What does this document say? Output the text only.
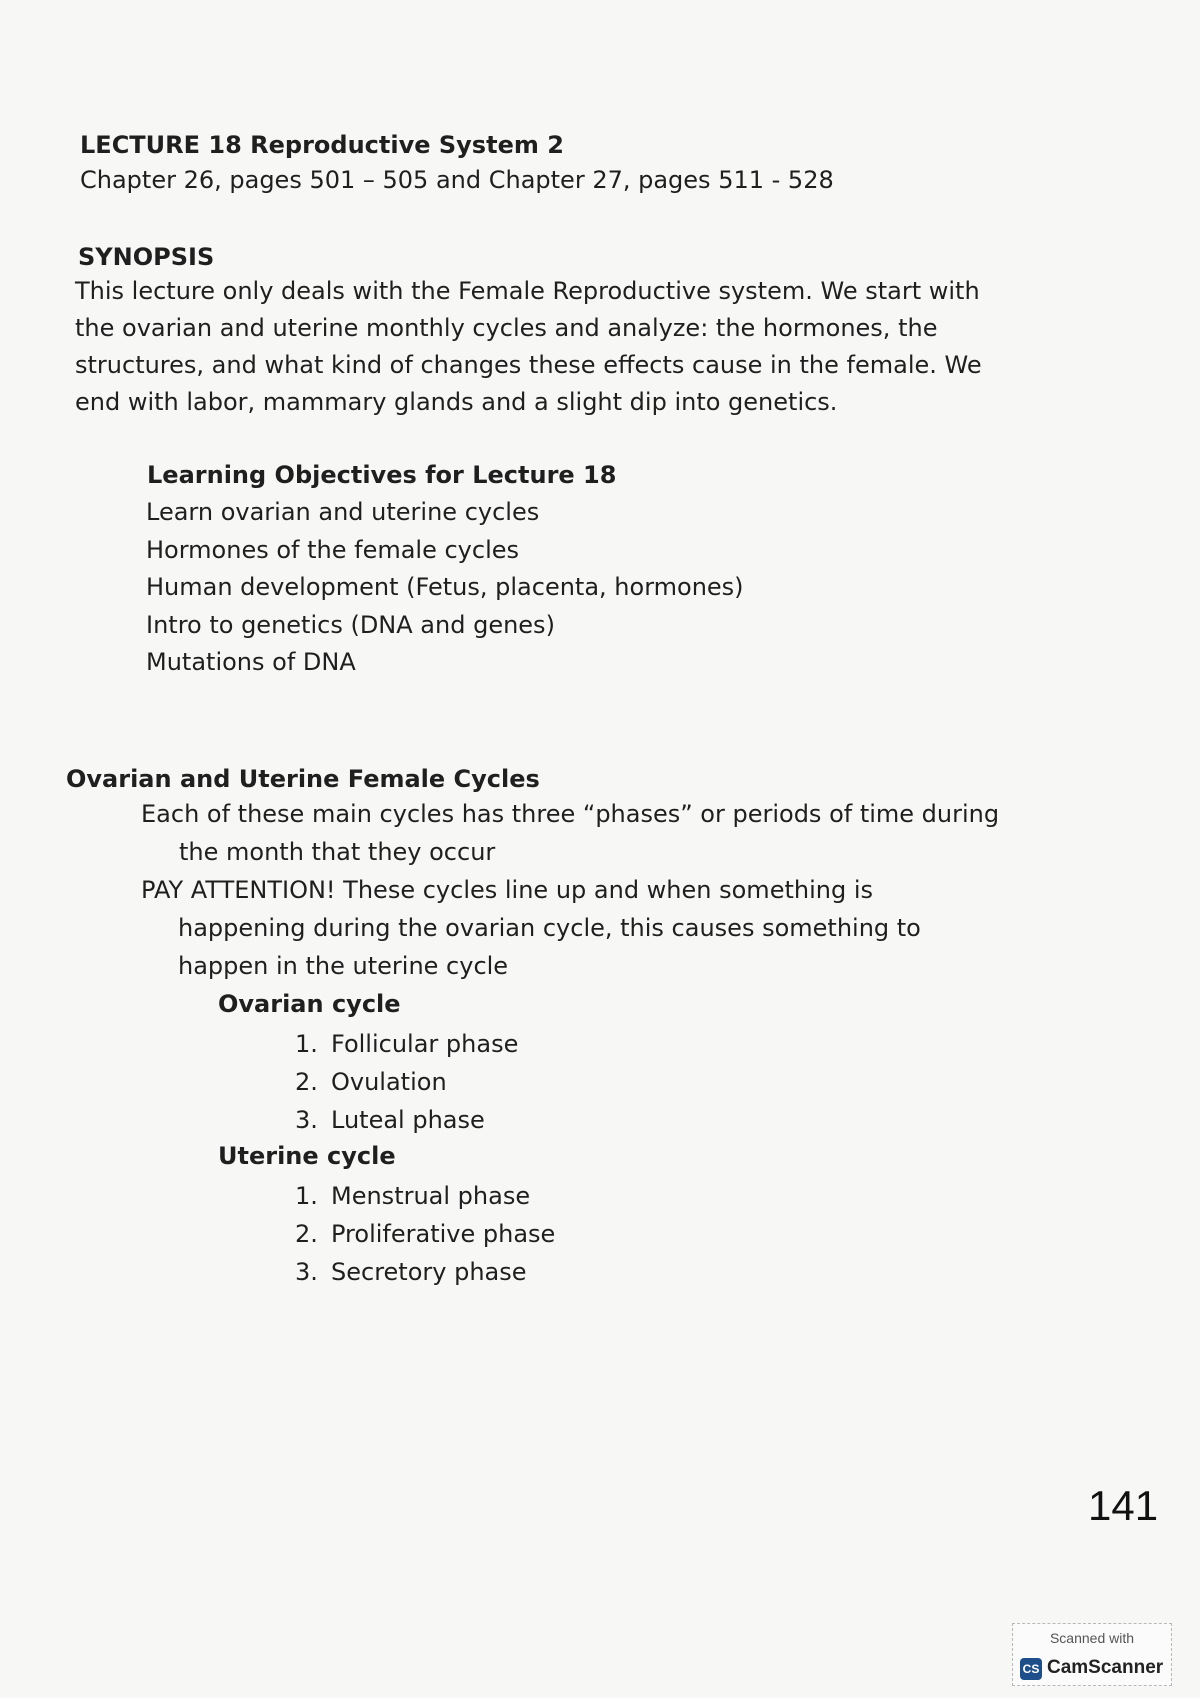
LECTURE 18 Reproductive System 2
Chapter 26, pages 501 – 505 and Chapter 27, pages 511 - 528
SYNOPSIS
This lecture only deals with the Female Reproductive system. We start with
the ovarian and uterine monthly cycles and analyze: the hormones, the
structures, and what kind of changes these effects cause in the female. We
end with labor, mammary glands and a slight dip into genetics.
Learning Objectives for Lecture 18
Learn ovarian and uterine cycles
Hormones of the female cycles
Human development (Fetus, placenta, hormones)
Intro to genetics (DNA and genes)
Mutations of DNA
Ovarian and Uterine Female Cycles
Each of these main cycles has three “phases” or periods of time during
the month that they occur
PAY ATTENTION! These cycles line up and when something is
happening during the ovarian cycle, this causes something to
happen in the uterine cycle
Ovarian cycle
1. Follicular phase
2. Ovulation
3. Luteal phase
Uterine cycle
1. Menstrual phase
2. Proliferative phase
3. Secretory phase
141
Scanned with
CS CamScanner
